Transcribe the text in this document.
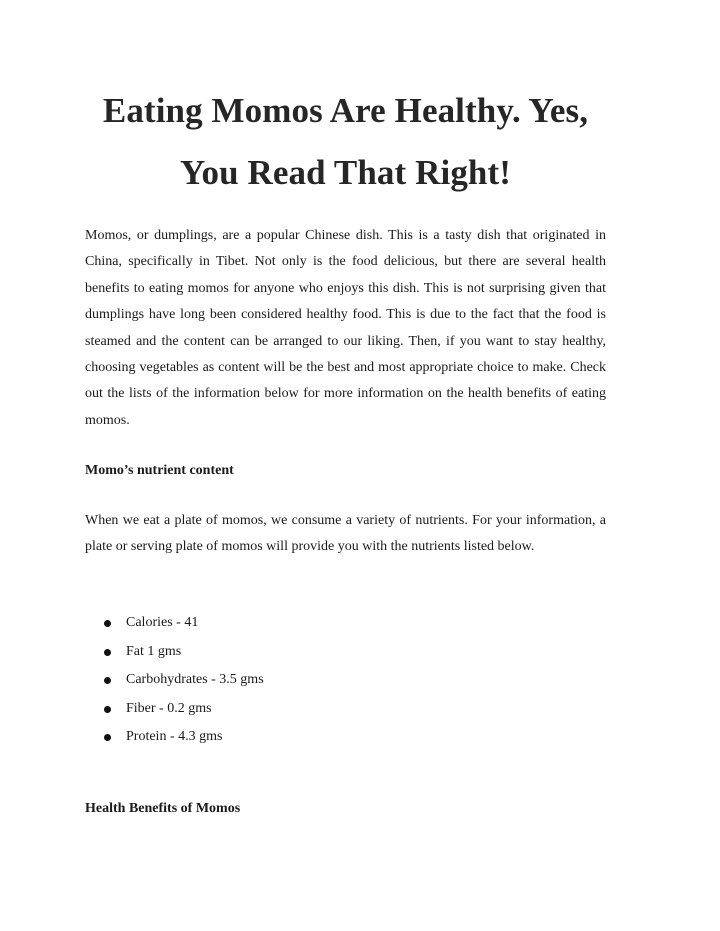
Eating Momos Are Healthy. Yes, You Read That Right!

Momos, or dumplings, are a popular Chinese dish. This is a tasty dish that originated in China, specifically in Tibet. Not only is the food delicious, but there are several health benefits to eating momos for anyone who enjoys this dish. This is not surprising given that dumplings have long been considered healthy food. This is due to the fact that the food is steamed and the content can be arranged to our liking. Then, if you want to stay healthy, choosing vegetables as content will be the best and most appropriate choice to make. Check out the lists of the information below for more information on the health benefits of eating momos.

Momo’s nutrient content

When we eat a plate of momos, we consume a variety of nutrients. For your information, a plate or serving plate of momos will provide you with the nutrients listed below.

Calories - 41
Fat 1 gms
Carbohydrates - 3.5 gms
Fiber - 0.2 gms
Protein - 4.3 gms
Health Benefits of Momos
